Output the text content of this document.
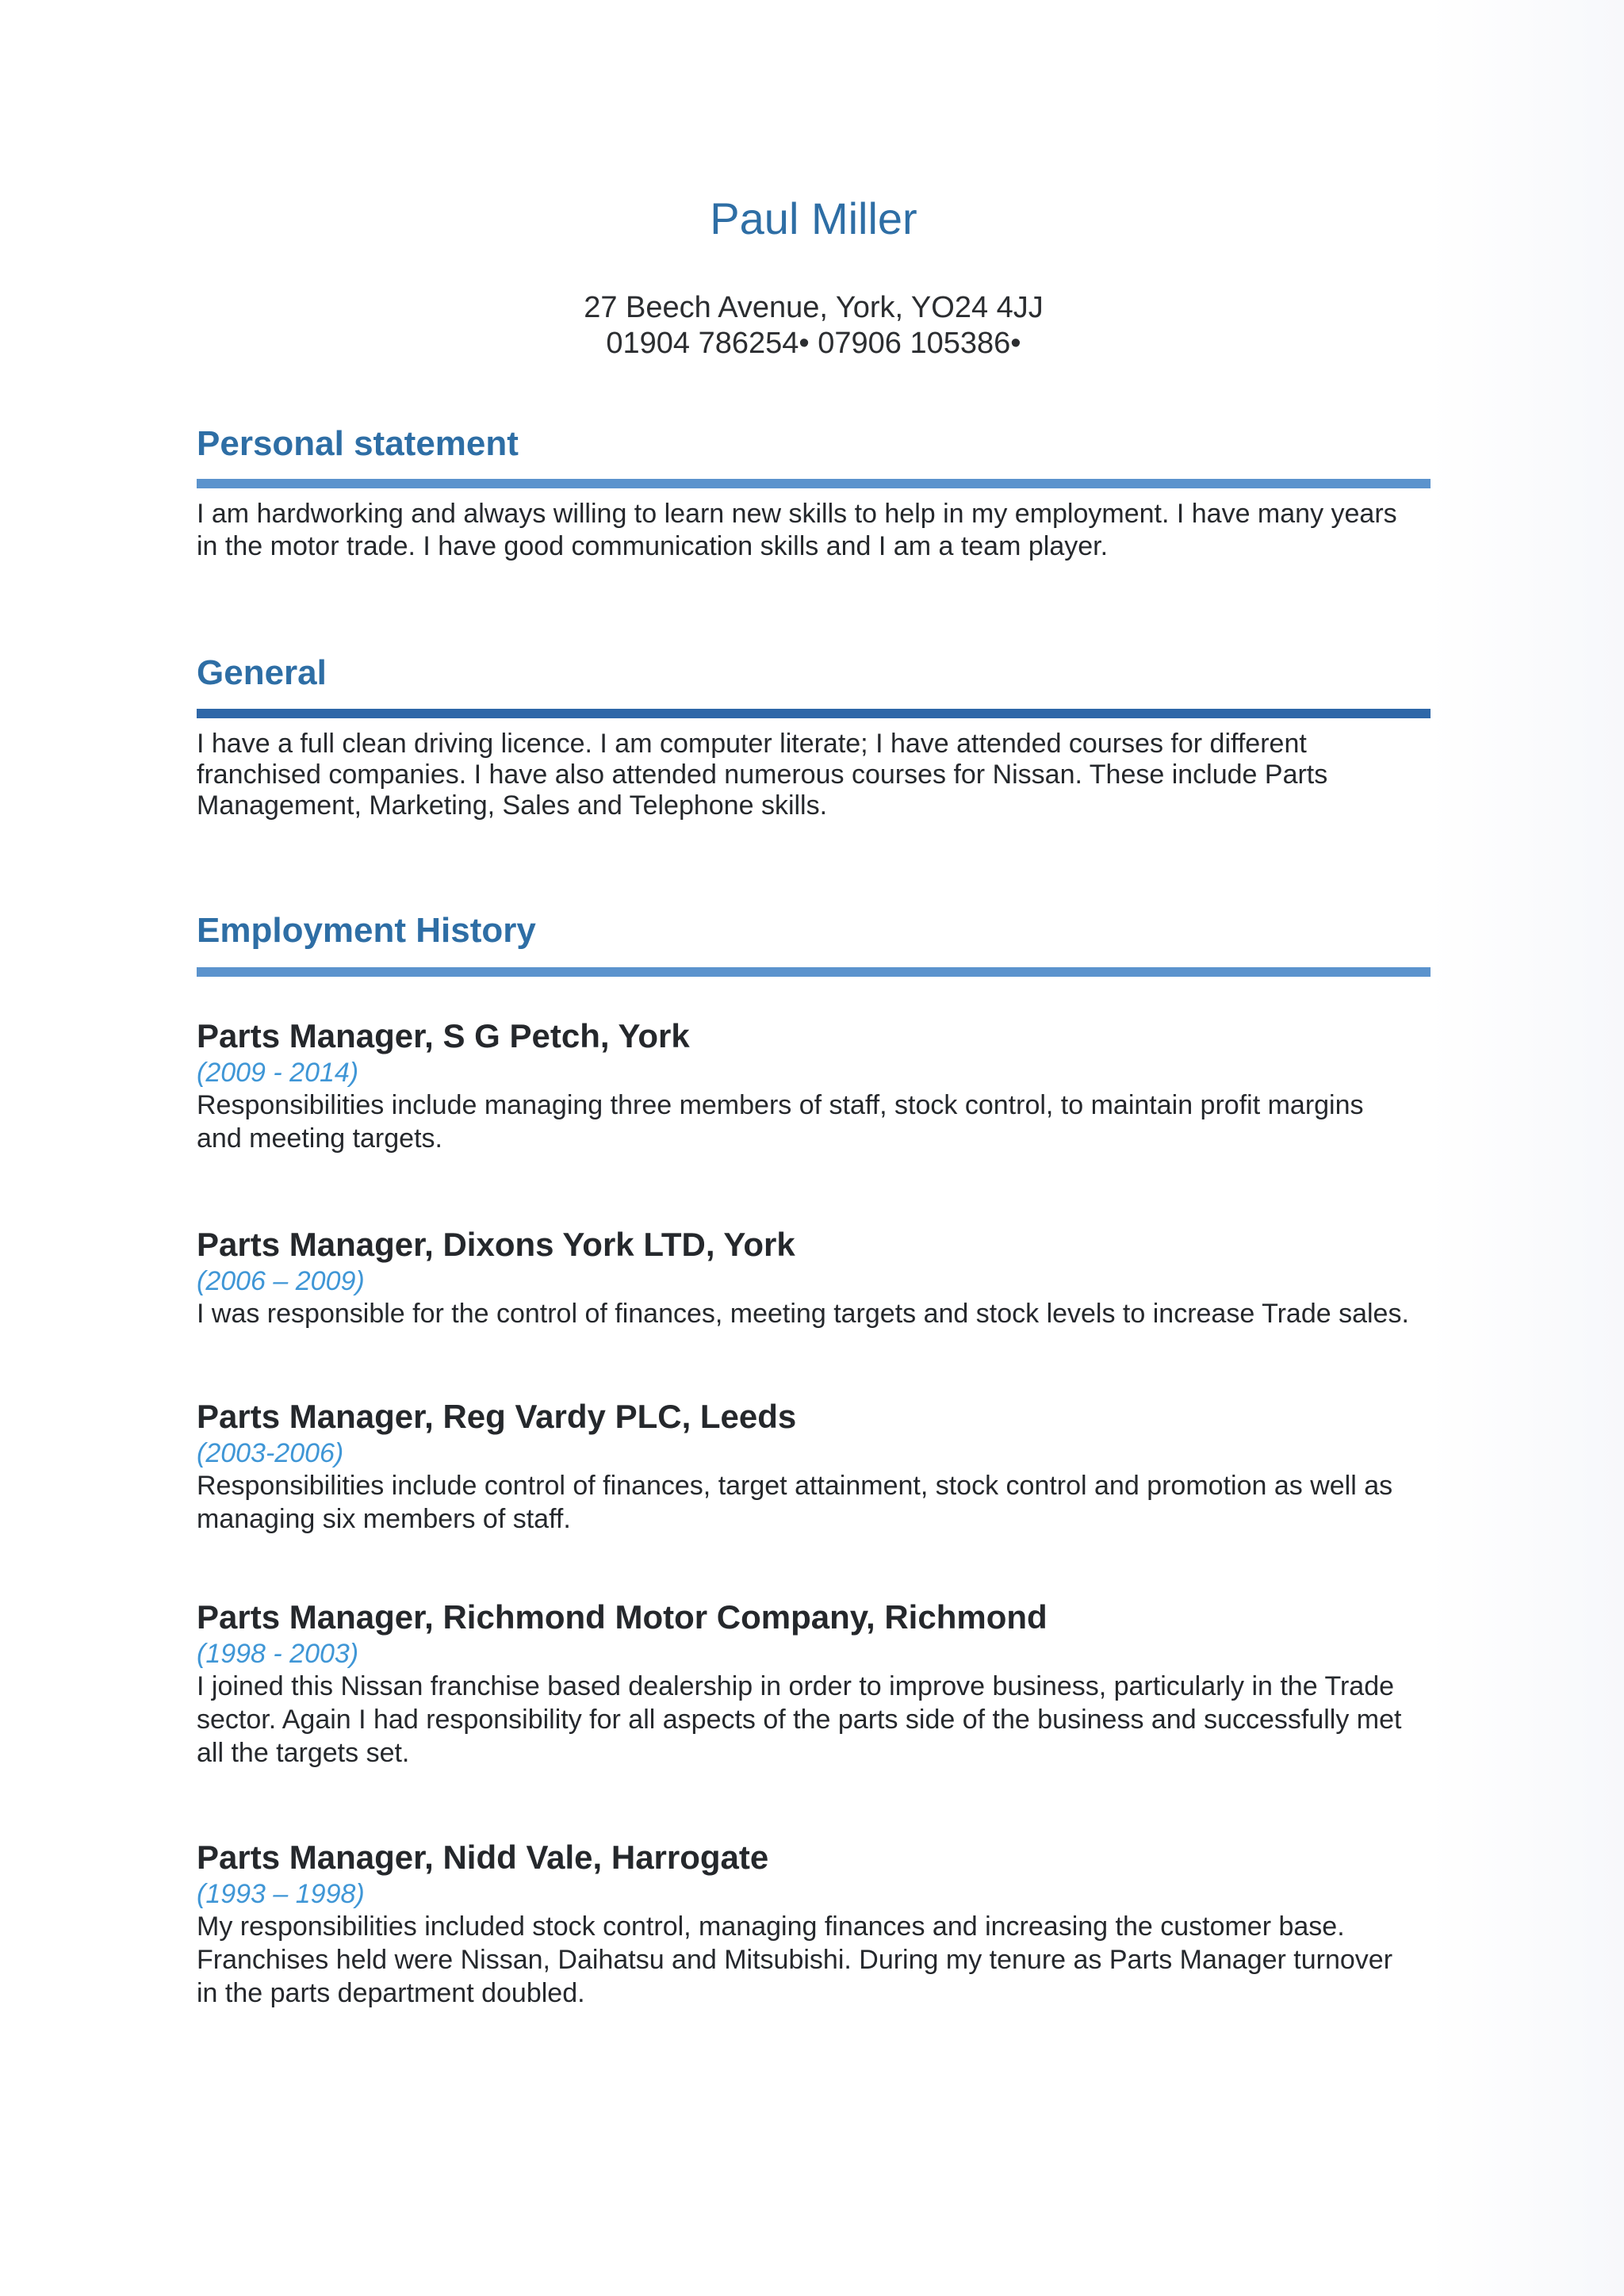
Paul Miller
27 Beech Avenue, York, YO24 4JJ
01904 786254• 07906 105386•
Personal statement
I am hardworking and always willing to learn new skills to help in my employment. I have many years
in the motor trade. I have good communication skills and I am a team player.
General
I have a full clean driving licence. I am computer literate; I have attended courses for different
franchised companies. I have also attended numerous courses for Nissan. These include Parts
Management, Marketing, Sales and Telephone skills.
Employment History
Parts Manager, S G Petch, York
(2009 - 2014)
Responsibilities include managing three members of staff, stock control, to maintain profit margins
and meeting targets.
Parts Manager, Dixons York LTD, York
(2006 – 2009)
I was responsible for the control of finances, meeting targets and stock levels to increase Trade sales.
Parts Manager, Reg Vardy PLC, Leeds
(2003-2006)
Responsibilities include control of finances, target attainment, stock control and promotion as well as
managing six members of staff.
Parts Manager, Richmond Motor Company, Richmond
(1998 - 2003)
I joined this Nissan franchise based dealership in order to improve business, particularly in the Trade
sector. Again I had responsibility for all aspects of the parts side of the business and successfully met
all the targets set.
Parts Manager, Nidd Vale, Harrogate
(1993 – 1998)
My responsibilities included stock control, managing finances and increasing the customer base.
Franchises held were Nissan, Daihatsu and Mitsubishi. During my tenure as Parts Manager turnover
in the parts department doubled.
